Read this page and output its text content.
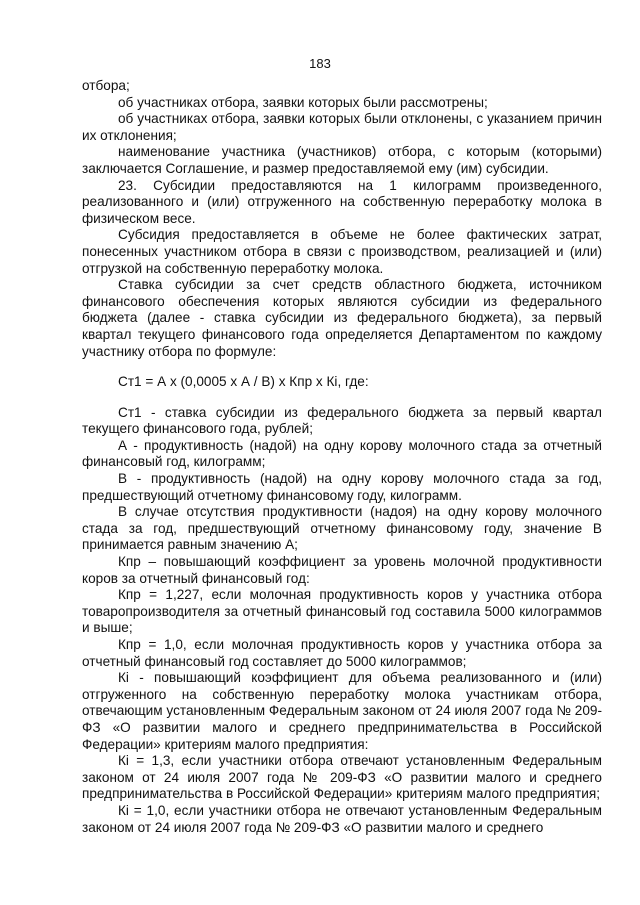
183

отбора;

об участниках отбора, заявки которых были рассмотрены;

об участниках отбора, заявки которых были отклонены, с указанием причин их отклонения;

наименование участника (участников) отбора, с которым (которыми) заключается Соглашение, и размер предоставляемой ему (им) субсидии.

23. Субсидии предоставляются на 1 килограмм произведенного, реализованного и (или) отгруженного на собственную переработку молока в физическом весе.

Субсидия предоставляется в объеме не более фактических затрат, понесенных участником отбора в связи с производством, реализацией и (или) отгрузкой на собственную переработку молока.

Ставка субсидии за счет средств областного бюджета, источником финансового обеспечения которых являются субсидии из федерального бюджета (далее - ставка субсидии из федерального бюджета), за первый квартал текущего финансового года определяется Департаментом по каждому участнику отбора по формуле:

Ст1 = А х (0,0005 х А / В) х Кпр х Кi, где:

Ст1 - ставка субсидии из федерального бюджета за первый квартал текущего финансового года, рублей;

А - продуктивность (надой) на одну корову молочного стада за отчетный финансовый год, килограмм;

В - продуктивность (надой) на одну корову молочного стада за год, предшествующий отчетному финансовому году, килограмм.

В случае отсутствия продуктивности (надоя) на одну корову молочного стада за год, предшествующий отчетному финансовому году, значение В принимается равным значению А;

Кпр – повышающий коэффициент за уровень молочной продуктивности коров за отчетный финансовый год:

Кпр = 1,227, если молочная продуктивность коров у участника отбора товаропроизводителя за отчетный финансовый год составила 5000 килограммов и выше;

Кпр = 1,0, если молочная продуктивность коров у участника отбора за отчетный финансовый год составляет до 5000 килограммов;

Кi - повышающий коэффициент для объема реализованного и (или) отгруженного на собственную переработку молока участникам отбора, отвечающим установленным Федеральным законом от 24 июля 2007 года № 209-ФЗ «О развитии малого и среднего предпринимательства в Российской Федерации» критериям малого предприятия:

Кi = 1,3, если участники отбора отвечают установленным Федеральным законом от 24 июля 2007 года № 209-ФЗ «О развитии малого и среднего предпринимательства в Российской Федерации» критериям малого предприятия;

Кi = 1,0, если участники отбора не отвечают установленным Федеральным законом от 24 июля 2007 года № 209-ФЗ «О развитии малого и среднего
